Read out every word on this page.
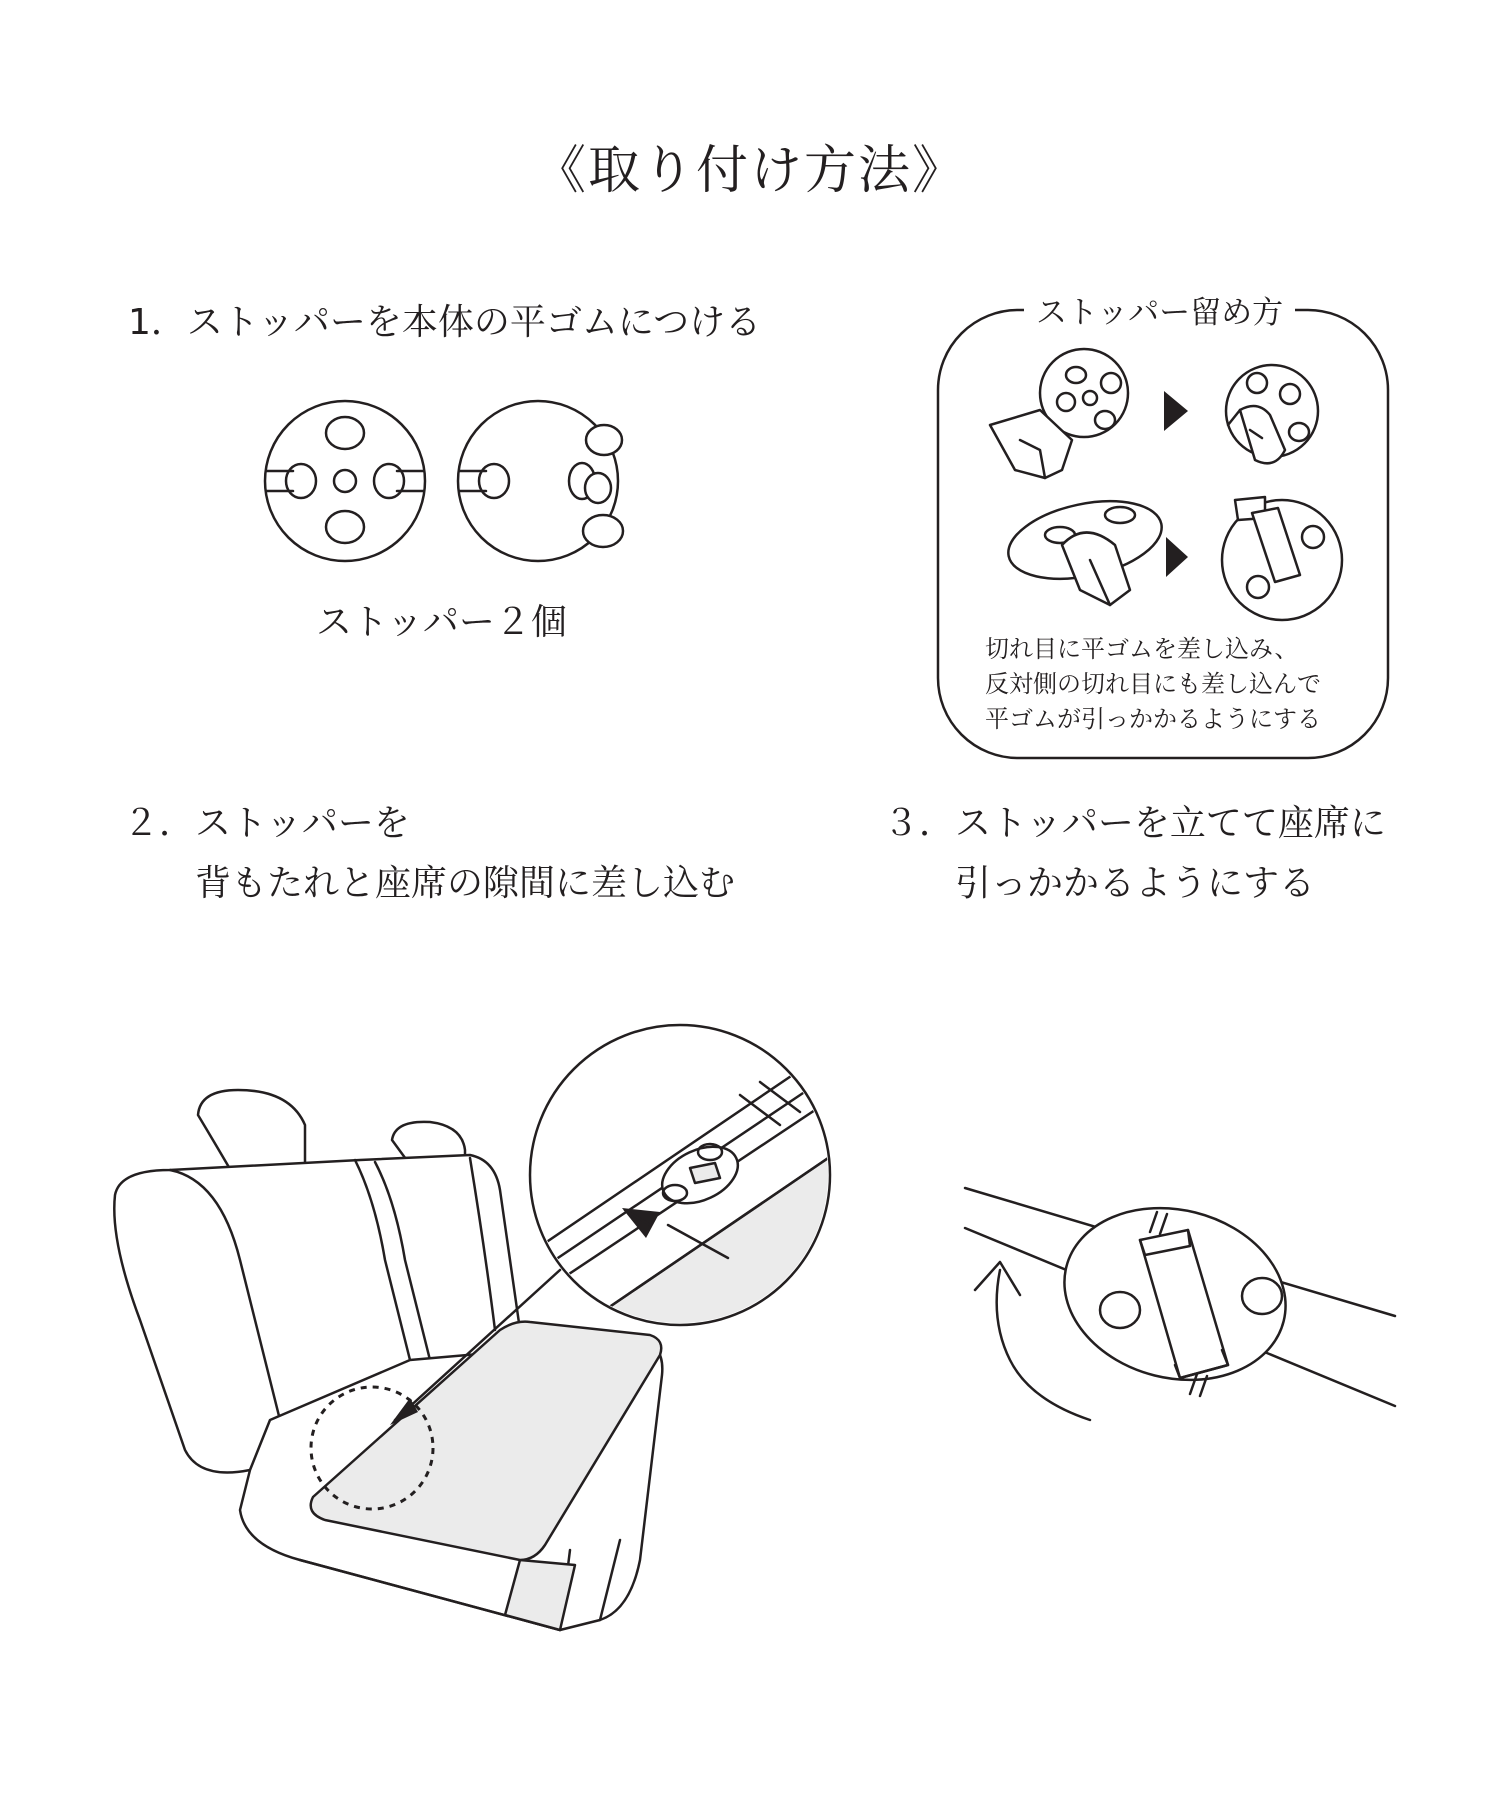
《取り付け方法》
1．ストッパーを本体の平ゴムにつける
ストッパー２個
ストッパー留め方
切れ目に平ゴムを差し込み、
反対側の切れ目にも差し込んで
平ゴムが引っかかるようにする
２．ストッパーを
　　背もたれと座席の隙間に差し込む
３．ストッパーを立てて座席に
　　引っかかるようにする
